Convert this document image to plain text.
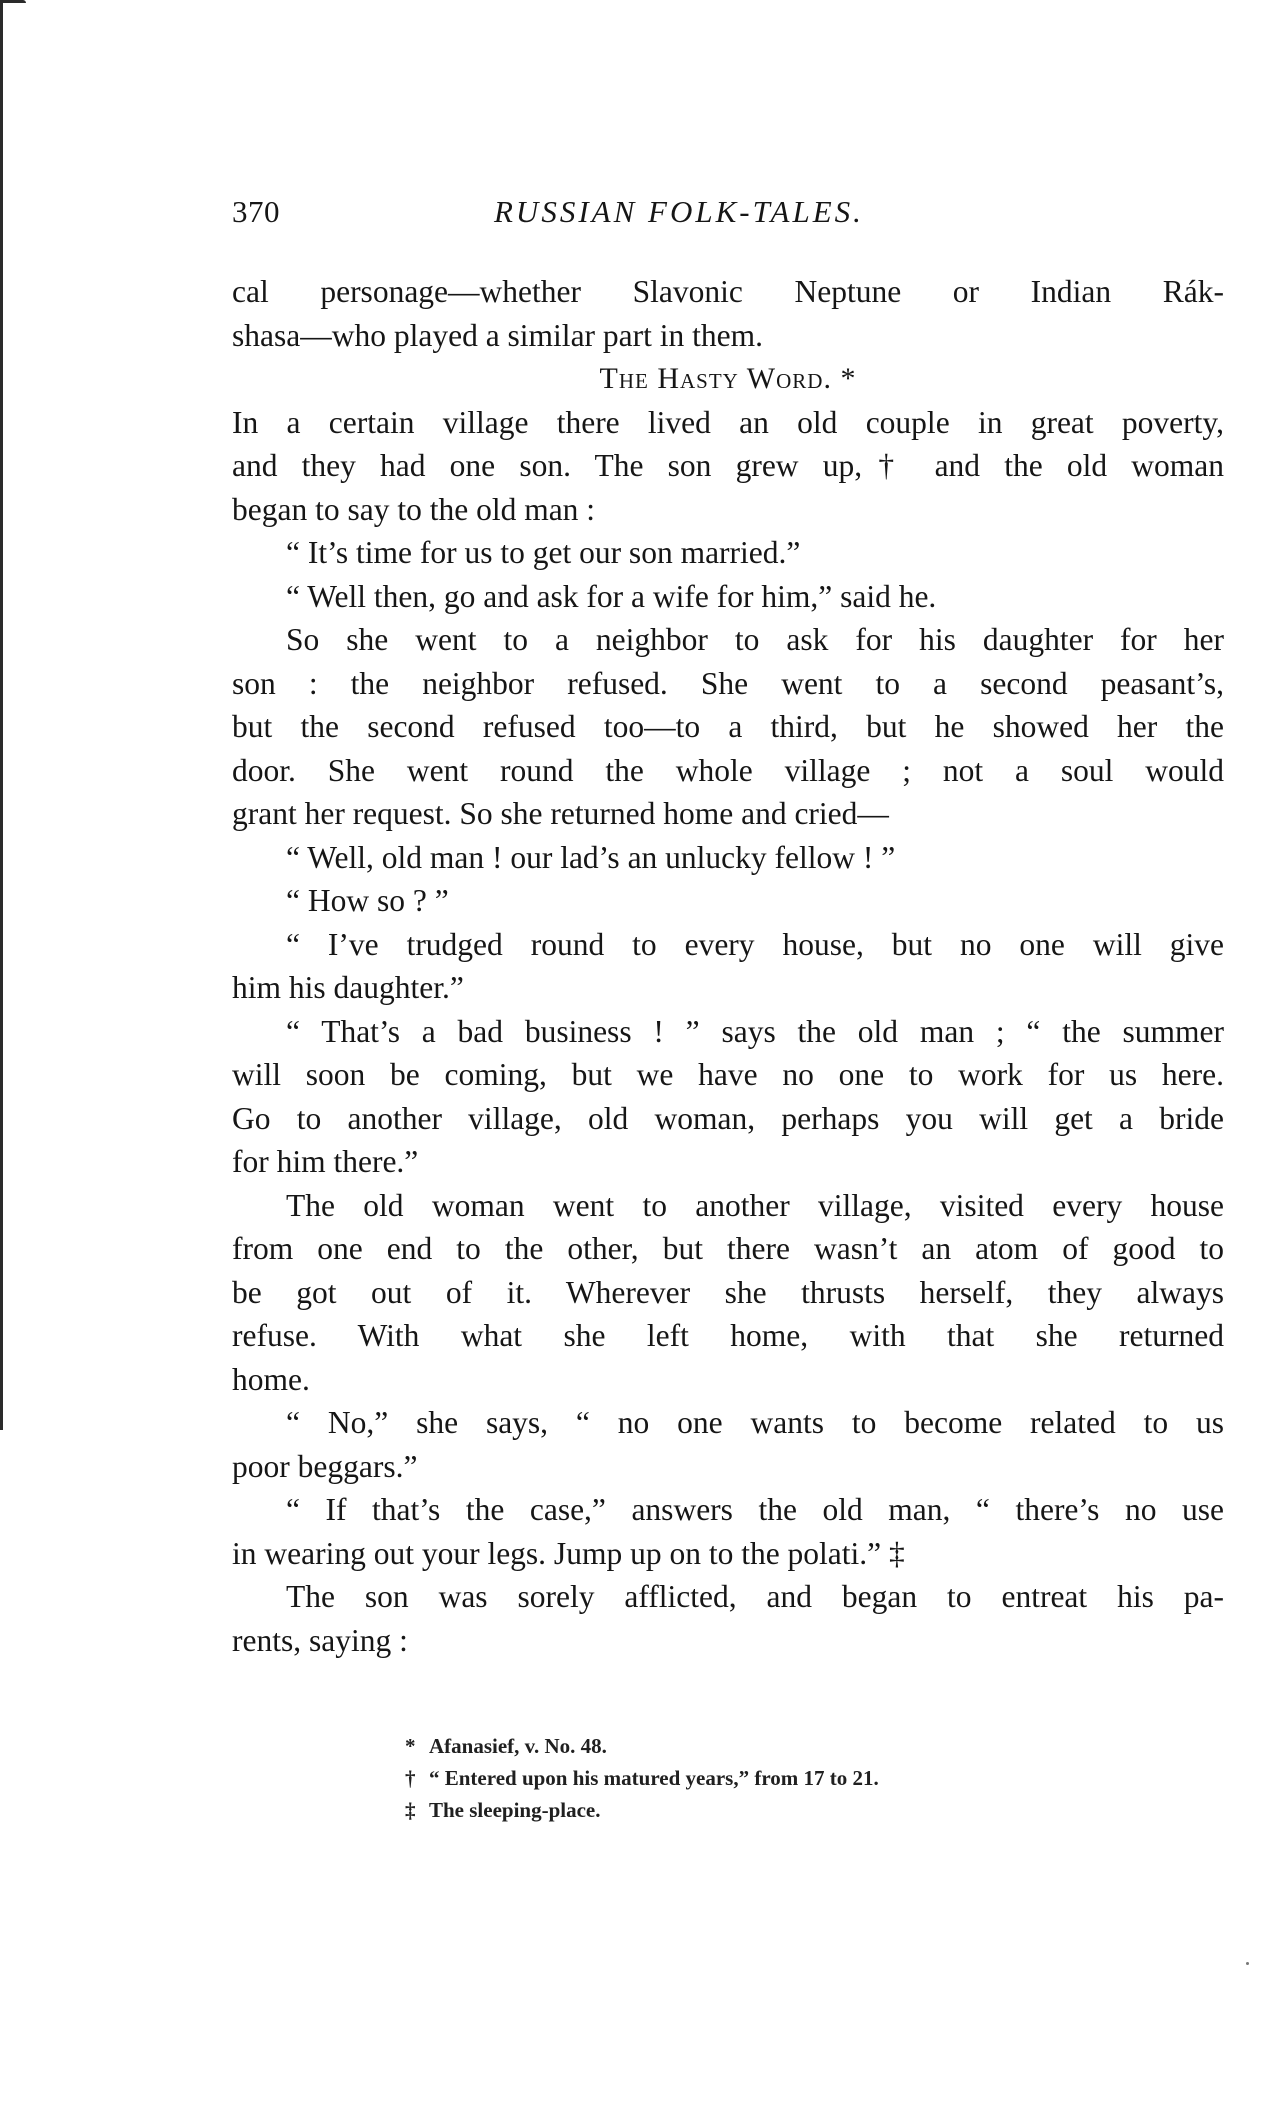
370	RUSSIAN FOLK-TALES.
cal personage—whether Slavonic Neptune or Indian Rák-
shasa—who played a similar part in them.
The Hasty Word. *
In a certain village there lived an old couple in great poverty,
and they had one son. The son grew up,† and the old woman
began to say to the old man :
“ It’s time for us to get our son married.”
“ Well then, go and ask for a wife for him,” said he.
So she went to a neighbor to ask for his daughter for her
son : the neighbor refused. She went to a second peasant’s,
but the second refused too—to a third, but he showed her the
door. She went round the whole village ; not a soul would
grant her request. So she returned home and cried—
“ Well, old man ! our lad’s an unlucky fellow ! ”
“ How so ? ”
“ I’ve trudged round to every house, but no one will give
him his daughter.”
“ That’s a bad business ! ” says the old man ; “ the summer
will soon be coming, but we have no one to work for us here.
Go to another village, old woman, perhaps you will get a bride
for him there.”
The old woman went to another village, visited every house
from one end to the other, but there wasn’t an atom of good to
be got out of it. Wherever she thrusts herself, they always
refuse. With what she left home, with that she returned
home.
“ No,” she says, “ no one wants to become related to us
poor beggars.”
“ If that’s the case,” answers the old man, “ there’s no use
in wearing out your legs. Jump up on to the polati.” ‡
The son was sorely afflicted, and began to entreat his pa-
rents, saying :
* Afanasief, v. No. 48.
† “ Entered upon his matured years,” from 17 to 21.
‡ The sleeping-place.
